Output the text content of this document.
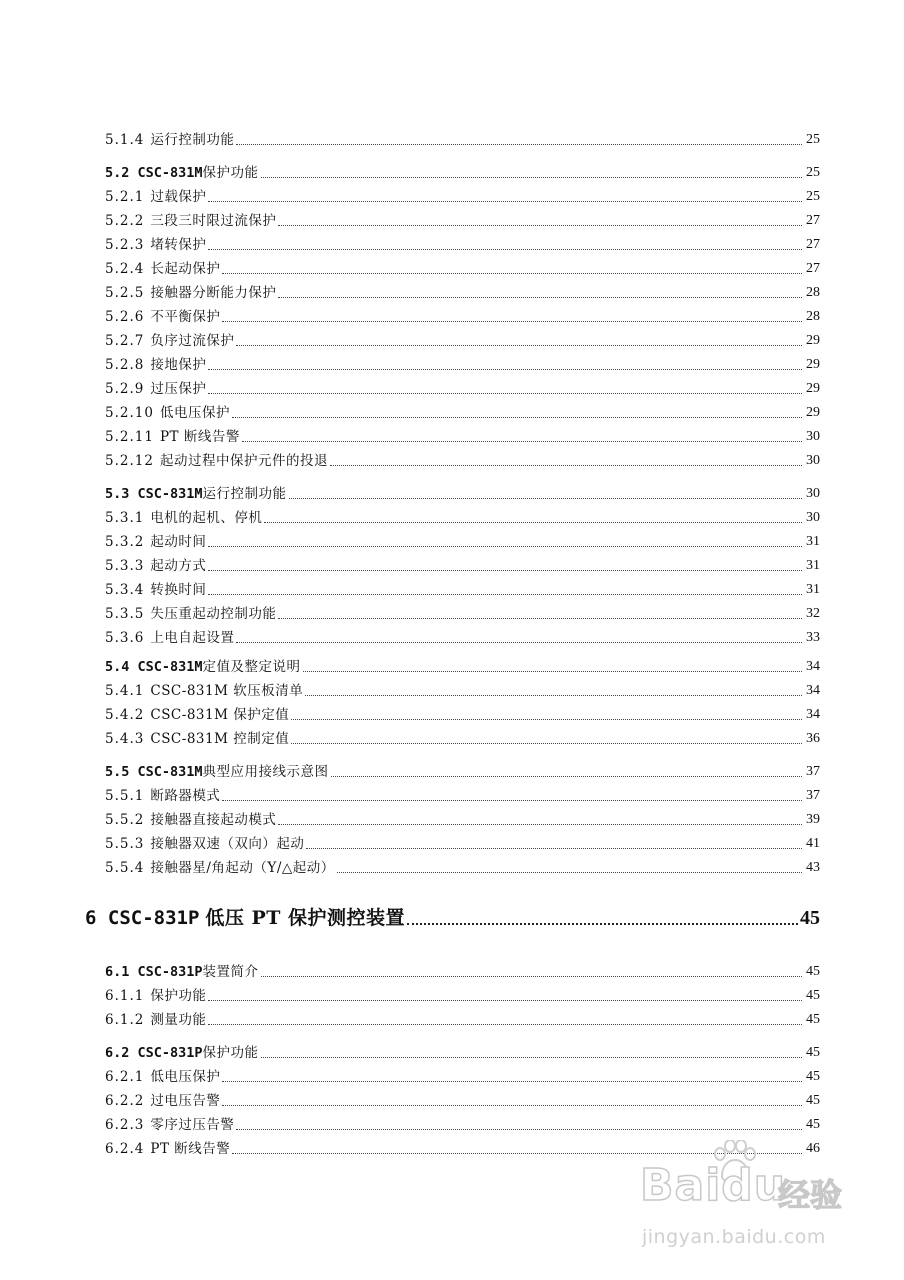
5.1.4 运行控制功能	25
5.2 CSC-831M 保护功能	25
5.2.1 过载保护	25
5.2.2 三段三时限过流保护	27
5.2.3 堵转保护	27
5.2.4 长起动保护	27
5.2.5 接触器分断能力保护	28
5.2.6 不平衡保护	28
5.2.7 负序过流保护	29
5.2.8 接地保护	29
5.2.9 过压保护	29
5.2.10 低电压保护	29
5.2.11 PT 断线告警	30
5.2.12 起动过程中保护元件的投退	30
5.3 CSC-831M 运行控制功能	30
5.3.1 电机的起机、停机	30
5.3.2 起动时间	31
5.3.3 起动方式	31
5.3.4 转换时间	31
5.3.5 失压重起动控制功能	32
5.3.6 上电自起设置	33
5.4 CSC-831M 定值及整定说明	34
5.4.1 CSC-831M 软压板清单	34
5.4.2 CSC-831M 保护定值	34
5.4.3 CSC-831M 控制定值	36
5.5 CSC-831M 典型应用接线示意图	37
5.5.1 断路器模式	37
5.5.2 接触器直接起动模式	39
5.5.3 接触器双速（双向）起动	41
5.5.4 接触器星/角起动（Y/△起动）	43
6 CSC-831P 低压 PT 保护测控装置	45
6.1 CSC-831P 装置简介	45
6.1.1 保护功能	45
6.1.2 测量功能	45
6.2 CSC-831P 保护功能	45
6.2.1 低电压保护	45
6.2.2 过电压告警	45
6.2.3 零序过压告警	45
6.2.4 PT 断线告警	46
Baidu
经验
jingyan.baidu.com
